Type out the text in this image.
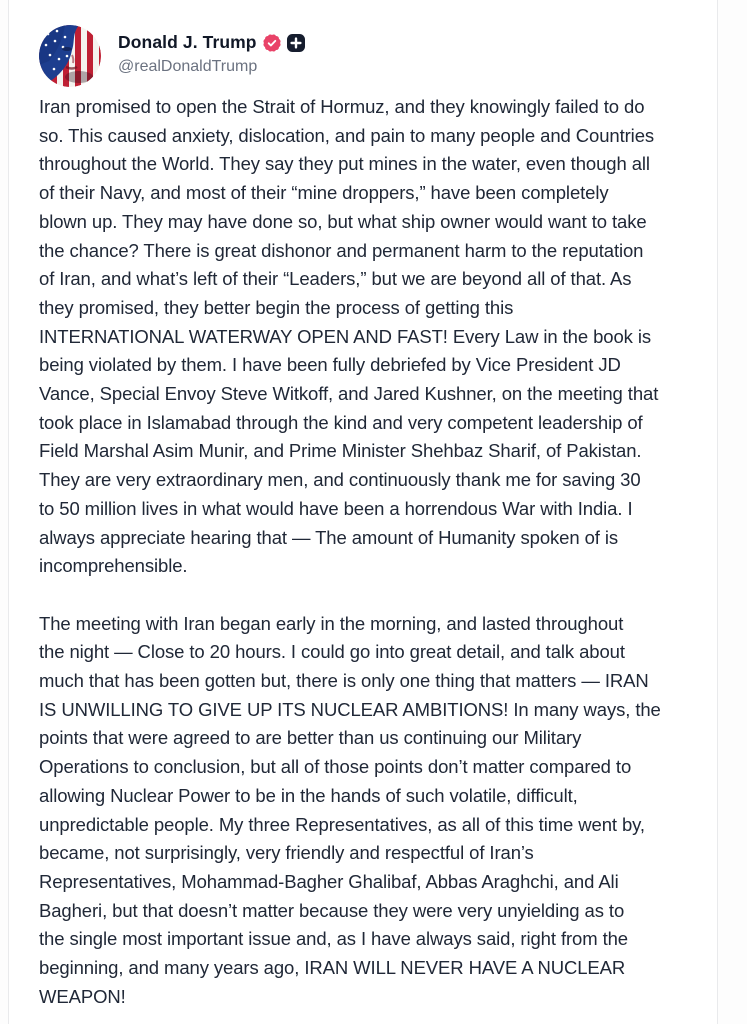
Donald J. Trump
@realDonaldTrump
Iran promised to open the Strait of Hormuz, and they knowingly failed to do
so. This caused anxiety, dislocation, and pain to many people and Countries
throughout the World. They say they put mines in the water, even though all
of their Navy, and most of their “mine droppers,” have been completely
blown up. They may have done so, but what ship owner would want to take
the chance? There is great dishonor and permanent harm to the reputation
of Iran, and what’s left of their “Leaders,” but we are beyond all of that. As
they promised, they better begin the process of getting this
INTERNATIONAL WATERWAY OPEN AND FAST! Every Law in the book is
being violated by them. I have been fully debriefed by Vice President JD
Vance, Special Envoy Steve Witkoff, and Jared Kushner, on the meeting that
took place in Islamabad through the kind and very competent leadership of
Field Marshal Asim Munir, and Prime Minister Shehbaz Sharif, of Pakistan.
They are very extraordinary men, and continuously thank me for saving 30
to 50 million lives in what would have been a horrendous War with India. I
always appreciate hearing that — The amount of Humanity spoken of is
incomprehensible.
The meeting with Iran began early in the morning, and lasted throughout
the night — Close to 20 hours. I could go into great detail, and talk about
much that has been gotten but, there is only one thing that matters — IRAN
IS UNWILLING TO GIVE UP ITS NUCLEAR AMBITIONS! In many ways, the
points that were agreed to are better than us continuing our Military
Operations to conclusion, but all of those points don’t matter compared to
allowing Nuclear Power to be in the hands of such volatile, difficult,
unpredictable people. My three Representatives, as all of this time went by,
became, not surprisingly, very friendly and respectful of Iran’s
Representatives, Mohammad-Bagher Ghalibaf, Abbas Araghchi, and Ali
Bagheri, but that doesn’t matter because they were very unyielding as to
the single most important issue and, as I have always said, right from the
beginning, and many years ago, IRAN WILL NEVER HAVE A NUCLEAR
WEAPON!
